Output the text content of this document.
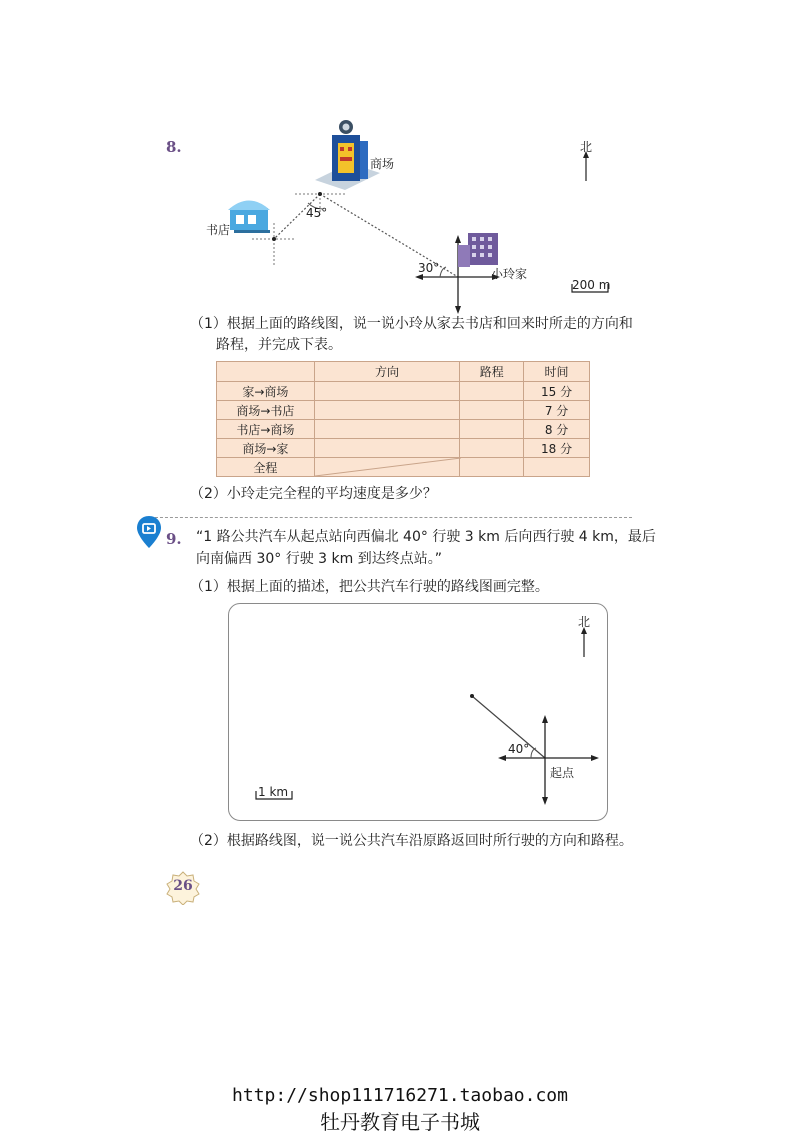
8.
商场
书店
小玲家
45°
30°
北
200 m
（1）根据上面的路线图，说一说小玲从家去书店和回来时所走的方向和
路程，并完成下表。
	方向	路程	时间
家→商场			15 分
商场→书店			7 分
书店→商场			8 分
商场→家			18 分
全程	

（2）小玲走完全程的平均速度是多少？
9. “1 路公共汽车从起点站向西偏北 40° 行驶 3 km 后向西行驶 4 km，最后
向南偏西 30° 行驶 3 km 到达终点站。”
（1）根据上面的描述，把公共汽车行驶的路线图画完整。
北
40°
起点
1 km
（2）根据路线图，说一说公共汽车沿原路返回时所行驶的方向和路程。
26
http://shop111716271.taobao.com
牡丹教育电子书城
